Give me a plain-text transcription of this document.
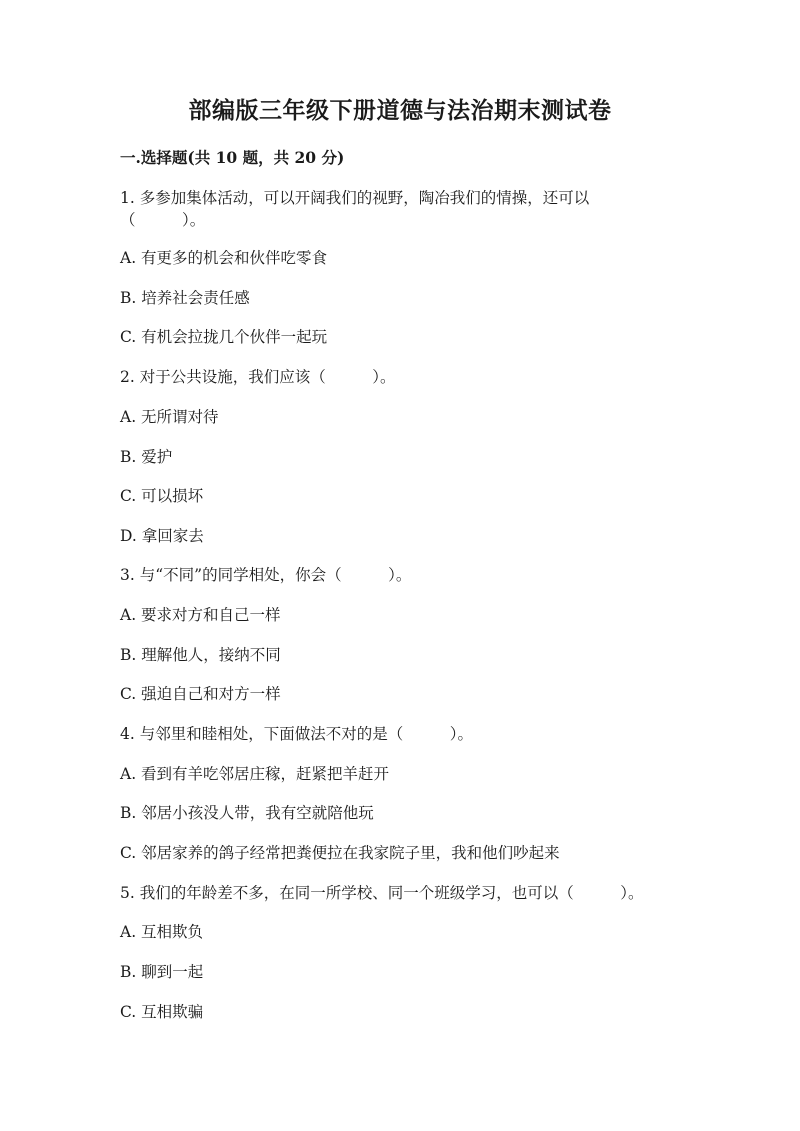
部编版三年级下册道德与法治期末测试卷
一.选择题(共 10 题，共 20 分)
1. 多参加集体活动，可以开阔我们的视野，陶冶我们的情操，还可以
（　　　）。
A. 有更多的机会和伙伴吃零食
B. 培养社会责任感
C. 有机会拉拢几个伙伴一起玩
2. 对于公共设施，我们应该（　　　）。
A. 无所谓对待
B. 爱护
C. 可以损坏
D. 拿回家去
3. 与“不同”的同学相处，你会（　　　）。
A. 要求对方和自己一样
B. 理解他人，接纳不同
C. 强迫自己和对方一样
4. 与邻里和睦相处，下面做法不对的是（　　　）。
A. 看到有羊吃邻居庄稼，赶紧把羊赶开
B. 邻居小孩没人带，我有空就陪他玩
C. 邻居家养的鸽子经常把粪便拉在我家院子里，我和他们吵起来
5. 我们的年龄差不多，在同一所学校、同一个班级学习，也可以（　　　）。
A. 互相欺负
B. 聊到一起
C. 互相欺骗
